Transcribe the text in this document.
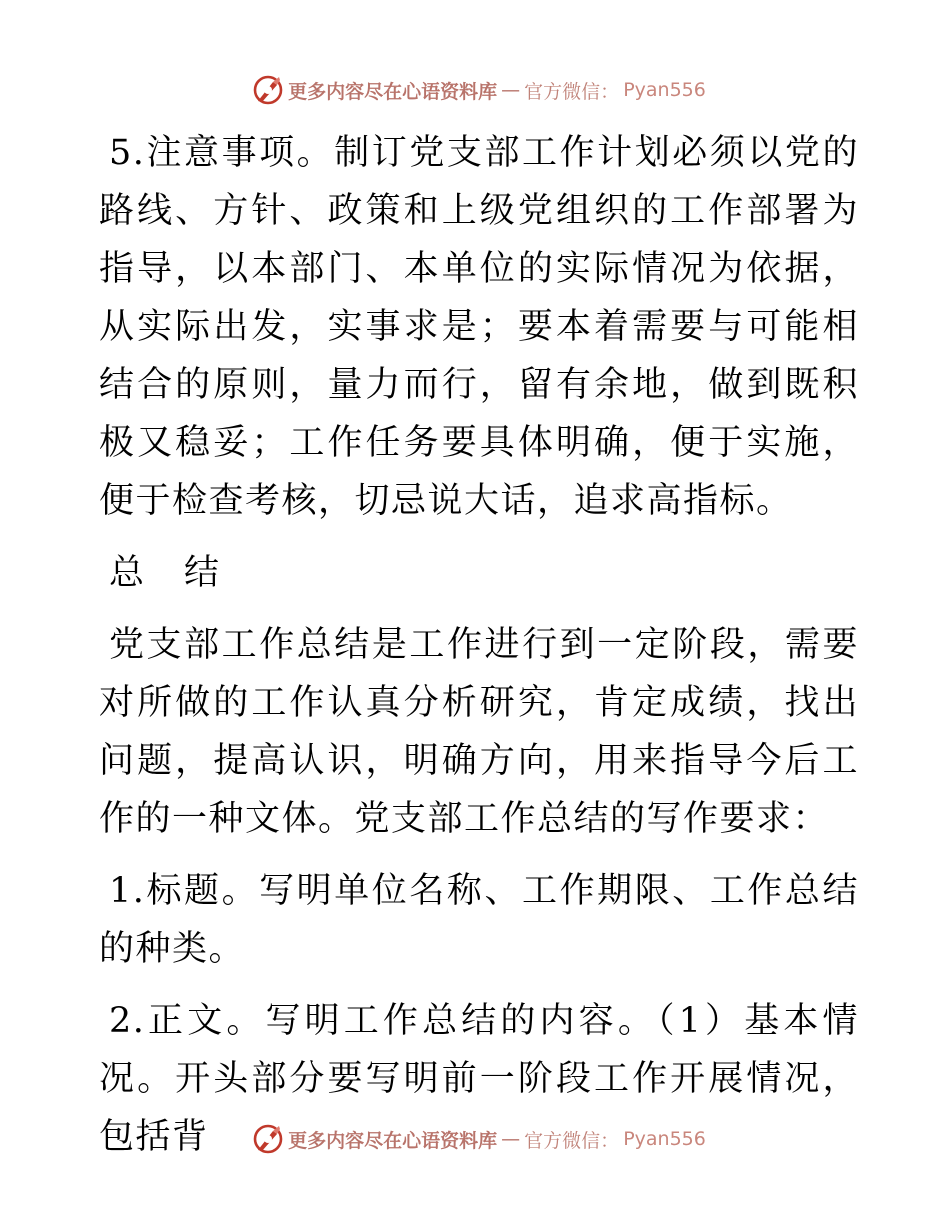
更多内容尽在心语资料库 — 官方微信： Pyan556

5.注意事项。制订党支部工作计划必须以党的路线、方针、政策和上级党组织的工作部署为指导，以本部门、本单位的实际情况为依据，从实际出发，实事求是；要本着需要与可能相结合的原则，量力而行，留有余地，做到既积极又稳妥；工作任务要具体明确，便于实施，便于检查考核，切忌说大话，追求高指标。

总 结

党支部工作总结是工作进行到一定阶段，需要对所做的工作认真分析研究，肯定成绩，找出问题，提高认识，明确方向，用来指导今后工作的一种文体。党支部工作总结的写作要求：

1.标题。写明单位名称、工作期限、工作总结的种类。

2.正文。写明工作总结的内容。（1）基本情况。开头部分要写明前一阶段工作开展情况，包括背	更多内容尽在心语资料库 — 官方微信： Pyan556
